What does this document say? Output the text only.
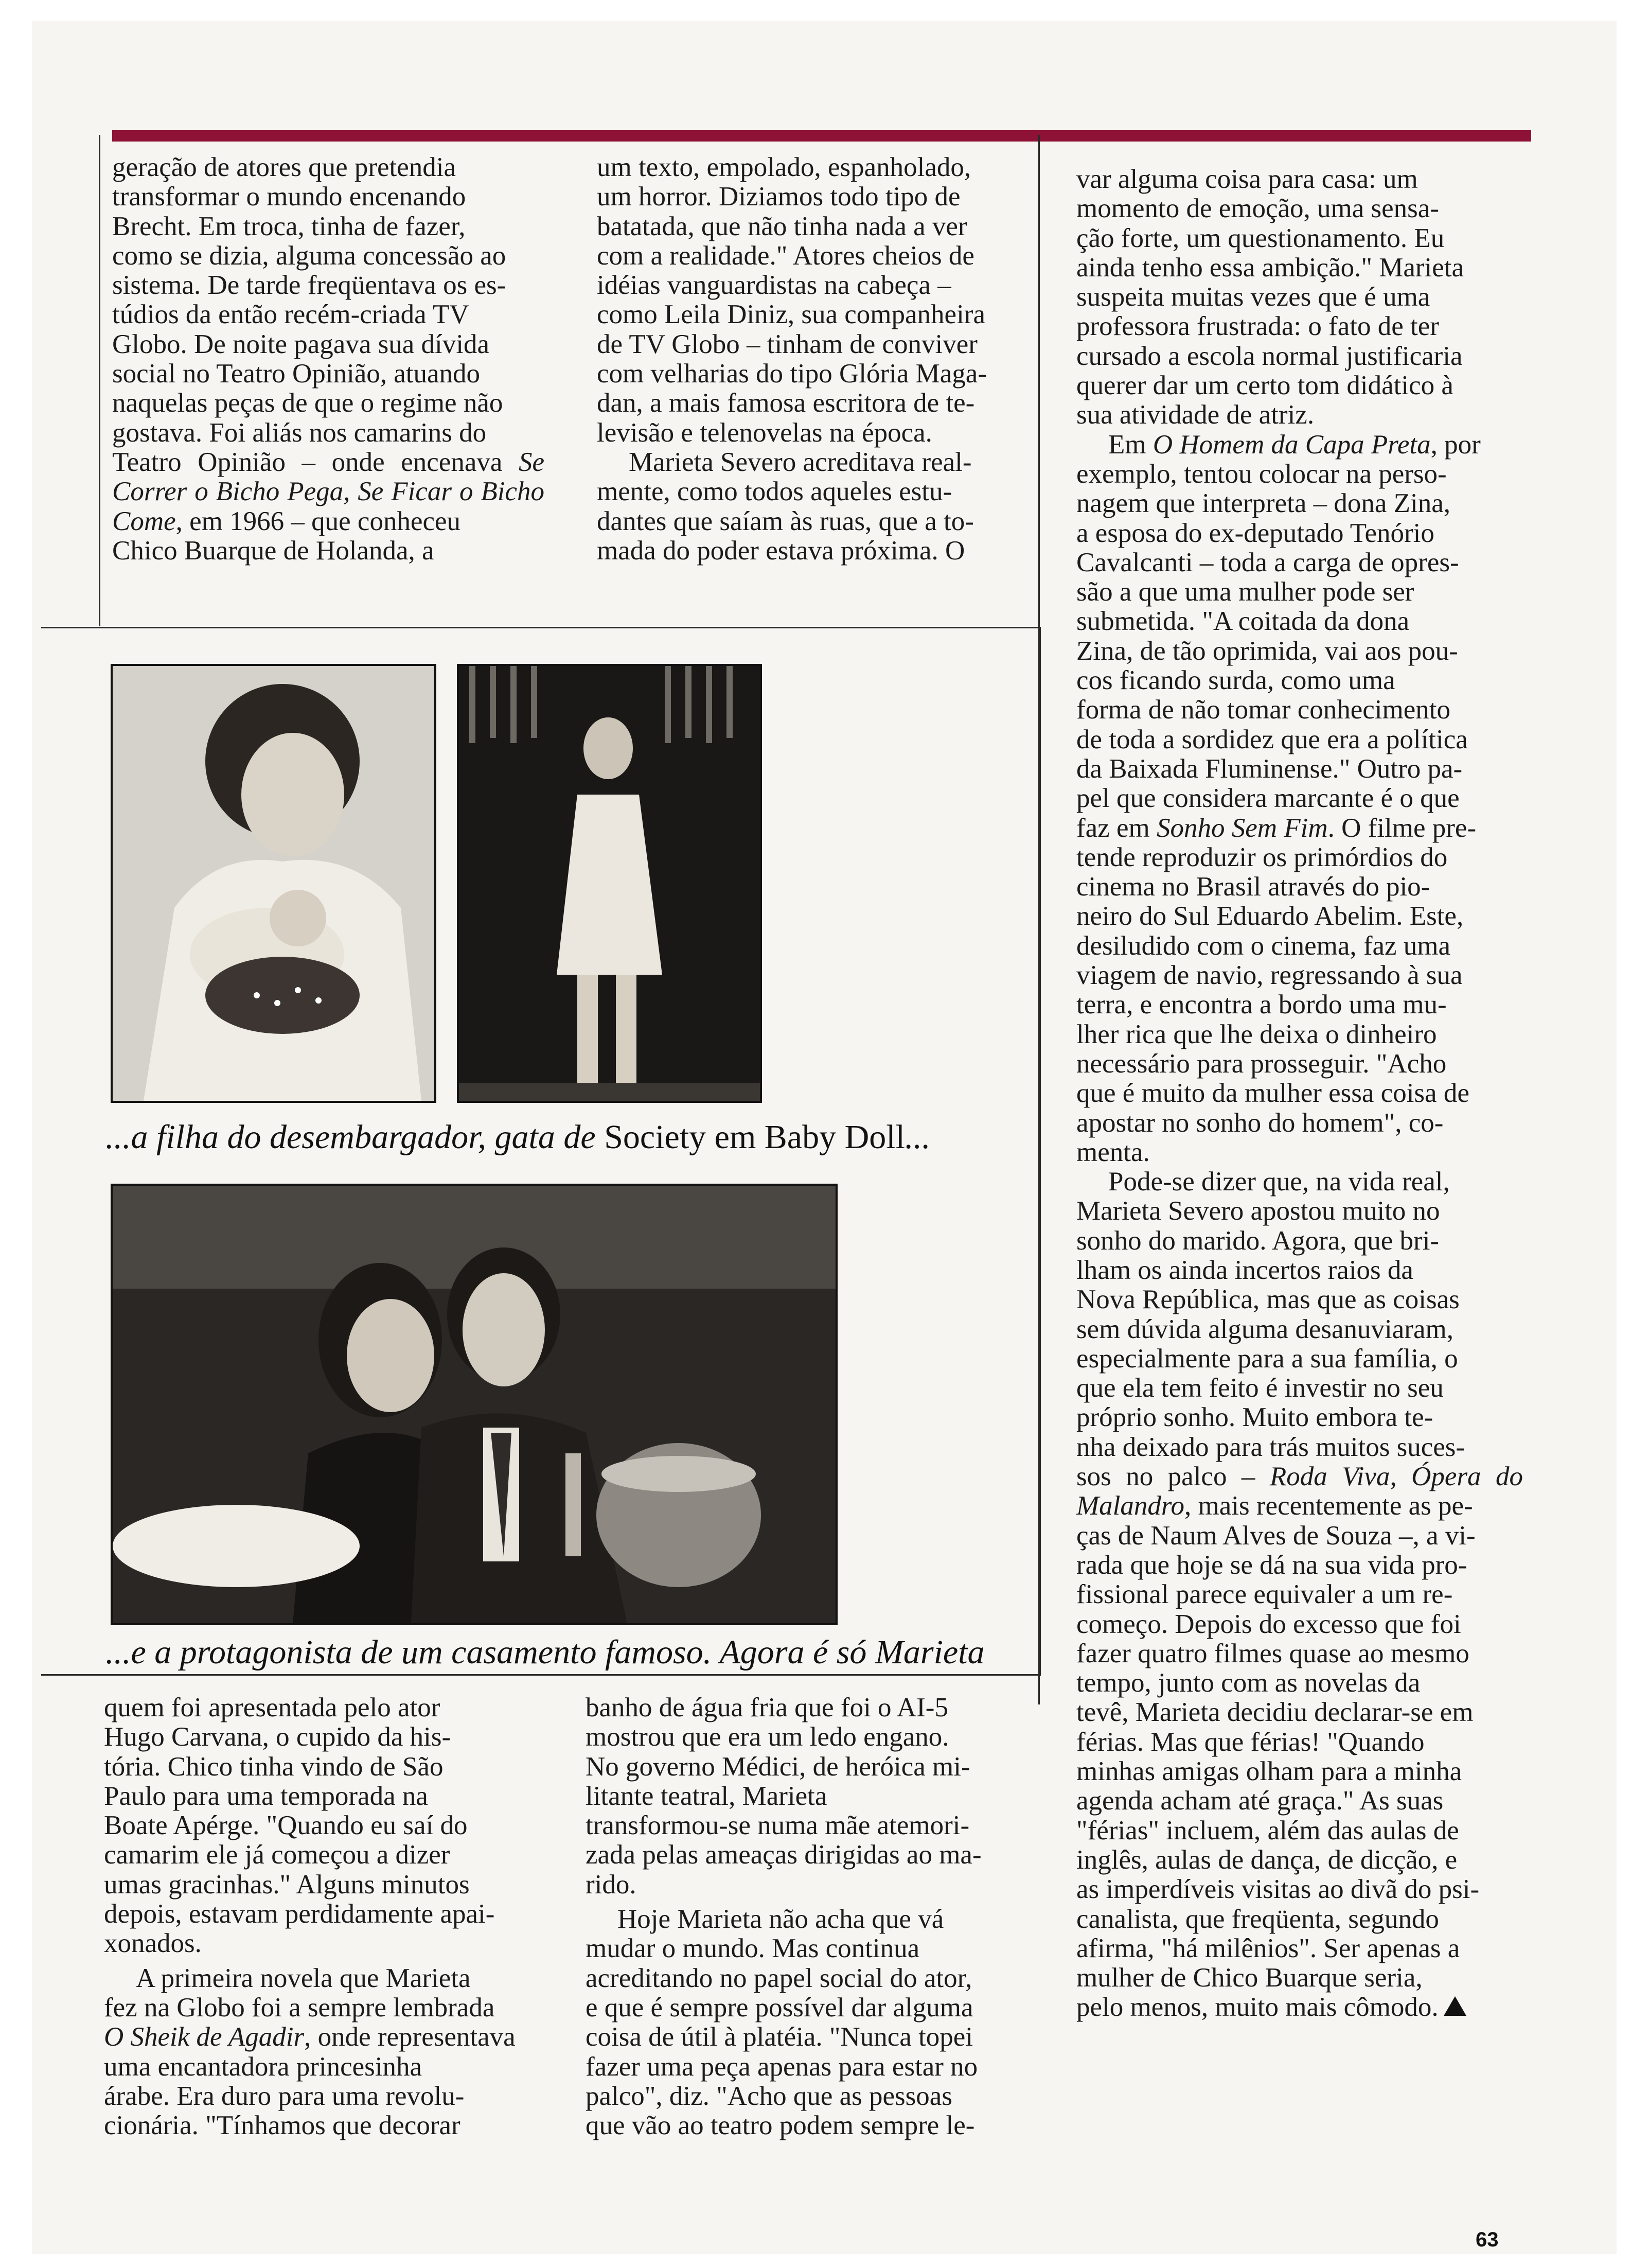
geração de atores que pretendia
transformar o mundo encenando
Brecht. Em troca, tinha de fazer,
como se dizia, alguma concessão ao
sistema. De tarde freqüentava os es-
túdios da então recém-criada TV
Globo. De noite pagava sua dívida
social no Teatro Opinião, atuando
naquelas peças de que o regime não
gostava. Foi aliás nos camarins do
Teatro Opinião – onde encenava Se Correr o Bicho Pega, Se Ficar o Bicho Come, em 1966 – que conheceu
Chico Buarque de Holanda, a

um texto, empolado, espanholado,
um horror. Diziamos todo tipo de
batatada, que não tinha nada a ver
com a realidade." Atores cheios de
idéias vanguardistas na cabeça –
como Leila Diniz, sua companheira
de TV Globo – tinham de conviver
com velharias do tipo Glória Maga-
dan, a mais famosa escritora de te-
levisão e telenovelas na época.

Marieta Severo acreditava real-
mente, como todos aqueles estu-
dantes que saíam às ruas, que a to-
mada do poder estava próxima. O

var alguma coisa para casa: um
momento de emoção, uma sensa-
ção forte, um questionamento. Eu
ainda tenho essa ambição." Marieta
suspeita muitas vezes que é uma
professora frustrada: o fato de ter
cursado a escola normal justificaria
querer dar um certo tom didático à
sua atividade de atriz.

Em O Homem da Capa Preta, por
exemplo, tentou colocar na perso-
nagem que interpreta – dona Zina,
a esposa do ex-deputado Tenório
Cavalcanti – toda a carga de opres-
são a que uma mulher pode ser
submetida. "A coitada da dona
Zina, de tão oprimida, vai aos pou-
cos ficando surda, como uma
forma de não tomar conhecimento
de toda a sordidez que era a política
da Baixada Fluminense." Outro pa-
pel que considera marcante é o que
faz em Sonho Sem Fim. O filme pre-
tende reproduzir os primórdios do
cinema no Brasil através do pio-
neiro do Sul Eduardo Abelim. Este,
desiludido com o cinema, faz uma
viagem de navio, regressando à sua
terra, e encontra a bordo uma mu-
lher rica que lhe deixa o dinheiro
necessário para prosseguir. "Acho
que é muito da mulher essa coisa de
apostar no sonho do homem", co-
menta.

Pode-se dizer que, na vida real,
Marieta Severo apostou muito no
sonho do marido. Agora, que bri-
lham os ainda incertos raios da
Nova República, mas que as coisas
sem dúvida alguma desanuviaram,
especialmente para a sua família, o
que ela tem feito é investir no seu
próprio sonho. Muito embora te-
nha deixado para trás muitos suces-
sos no palco – Roda Viva, Ópera do Malandro, mais recentemente as pe-
ças de Naum Alves de Souza –, a vi-
rada que hoje se dá na sua vida pro-
fissional parece equivaler a um re-
começo. Depois do excesso que foi
fazer quatro filmes quase ao mesmo
tempo, junto com as novelas da
tevê, Marieta decidiu declarar-se em
férias. Mas que férias! "Quando
minhas amigas olham para a minha
agenda acham até graça." As suas
"férias" incluem, além das aulas de
inglês, aulas de dança, de dicção, e
as imperdíveis visitas ao divã do psi-
canalista, que freqüenta, segundo
afirma, "há milênios". Ser apenas a
mulher de Chico Buarque seria,
pelo menos, muito mais cômodo.

...a filha do desembargador, gata de Society em Baby Doll...
...e a protagonista de um casamento famoso. Agora é só Marieta

quem foi apresentada pelo ator
Hugo Carvana, o cupido da his-
tória. Chico tinha vindo de São
Paulo para uma temporada na
Boate Apérge. "Quando eu saí do
camarim ele já começou a dizer
umas gracinhas." Alguns minutos
depois, estavam perdidamente apai-
xonados.

A primeira novela que Marieta
fez na Globo foi a sempre lembrada
O Sheik de Agadir, onde representava
uma encantadora princesinha
árabe. Era duro para uma revolu-
cionária. "Tínhamos que decorar

banho de água fria que foi o AI-5
mostrou que era um ledo engano.
No governo Médici, de heróica mi-
litante teatral, Marieta
transformou-se numa mãe atemori-
zada pelas ameaças dirigidas ao ma-
rido.

Hoje Marieta não acha que vá
mudar o mundo. Mas continua
acreditando no papel social do ator,
e que é sempre possível dar alguma
coisa de útil à platéia. "Nunca topei
fazer uma peça apenas para estar no
palco", diz. "Acho que as pessoas
que vão ao teatro podem sempre le-

63
